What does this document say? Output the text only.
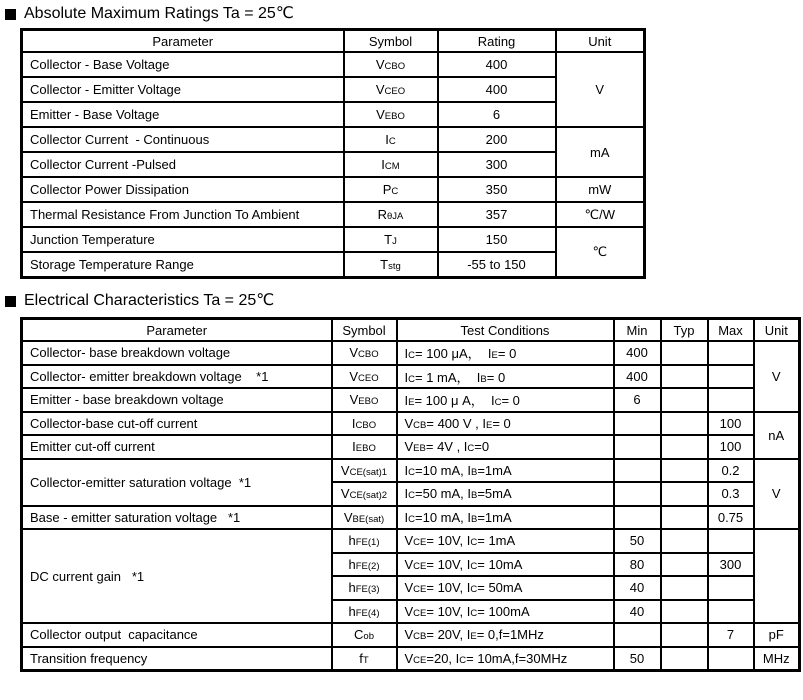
Absolute Maximum Ratings Ta = 25℃
Parameter	Symbol	Rating	Unit
Collector - Base Voltage	VCBO	400	V
Collector - Emitter Voltage	VCEO	400	
Emitter - Base Voltage	VEBO	6	
Collector Current  - Continuous	IC	200	mA
Collector Current -Pulsed	ICM	300	
Collector Power Dissipation	PC	350	mW
Thermal Resistance From Junction To Ambient	RθJA	357	℃/W
Junction Temperature	TJ	150	℃
Storage Temperature Range	Tstg	-55 to 150	
Electrical Characteristics Ta = 25℃
Parameter	Symbol	Test Conditions	Min	Typ	Max	Unit
Collector- base breakdown voltage	VCBO	IC= 100 μA，  IE= 0	400			V
Collector- emitter breakdown voltage    *1	VCEO	IC= 1 mA，  IB= 0	400			
Emitter - base breakdown voltage	VEBO	IE= 100 μ A，  IC= 0	6			
Collector-base cut-off current	ICBO	VCB= 400 V , IE= 0			100	nA
Emitter cut-off current	IEBO	VEB= 4V , IC=0			100	
Collector-emitter saturation voltage  *1	VCE(sat)1	IC=10 mA, IB=1mA			0.2	V
	VCE(sat)2	IC=50 mA, IB=5mA			0.3	
Base - emitter saturation voltage   *1	VBE(sat)	IC=10 mA, IB=1mA			0.75	
DC current gain   *1	hFE(1)	VCE= 10V, IC= 1mA	50			
	hFE(2)	VCE= 10V, IC= 10mA	80		300	
	hFE(3)	VCE= 10V, IC= 50mA	40			
	hFE(4)	VCE= 10V, IC= 100mA	40			
Collector output  capacitance	Cob	VCB= 20V, IE= 0,f=1MHz			7	pF
Transition frequency	fT	VCE=20, IC= 10mA,f=30MHz	50			MHz
